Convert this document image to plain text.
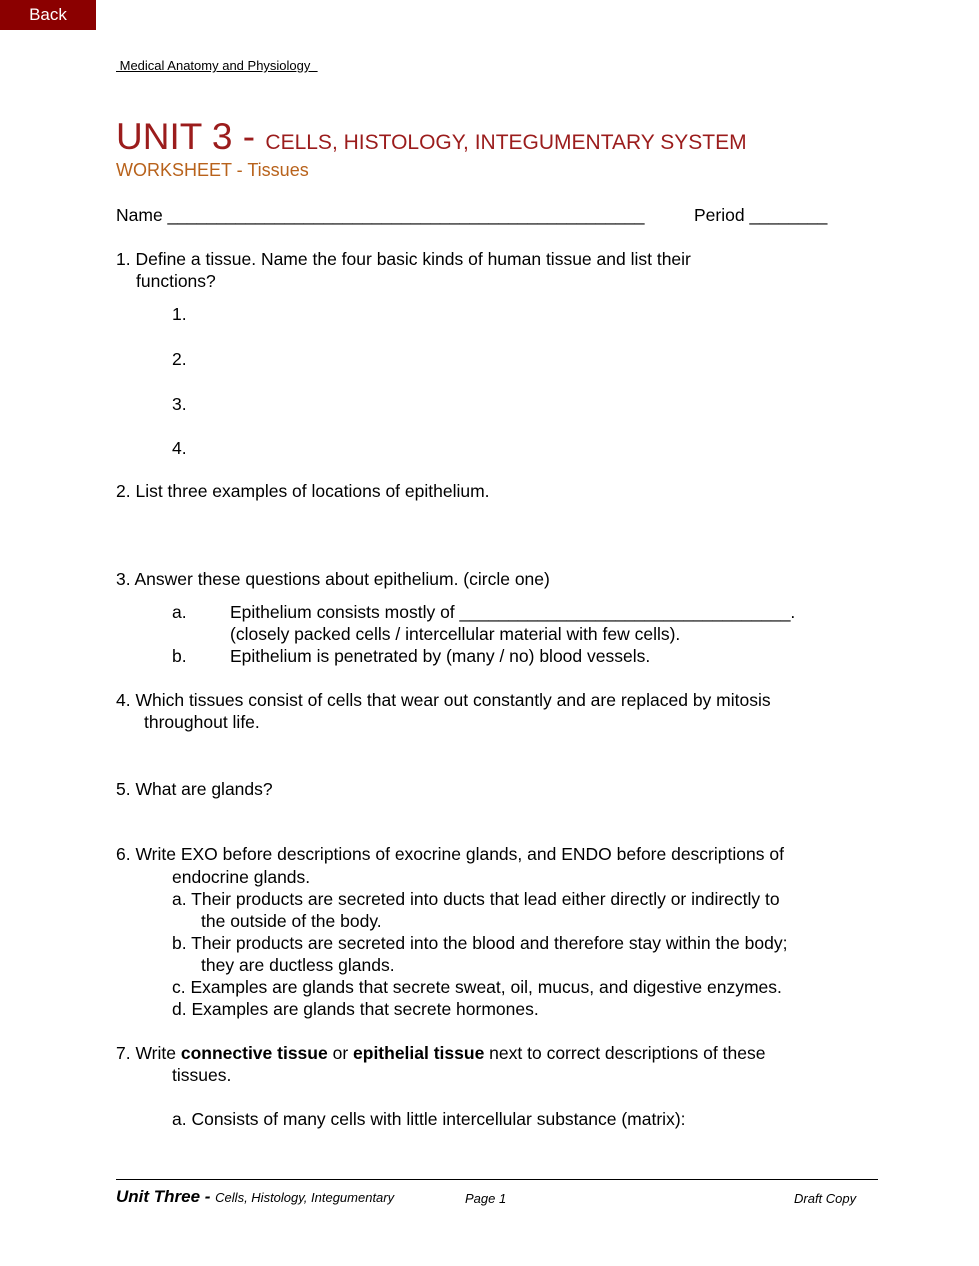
Back
Medical Anatomy and Physiology
UNIT 3 - CELLS, HISTOLOGY, INTEGUMENTARY SYSTEM
WORKSHEET - Tissues
Name _________________________________________________	Period ________
1. Define a tissue. Name the four basic kinds of human tissue and list their
functions?
1.
2.
3.
4.
2. List three examples of locations of epithelium.
3. Answer these questions about epithelium. (circle one)
a. Epithelium consists mostly of __________________________________.
(closely packed cells / intercellular material with few cells).
b. Epithelium is penetrated by (many / no) blood vessels.
4. Which tissues consist of cells that wear out constantly and are replaced by mitosis
throughout life.
5. What are glands?
6. Write EXO before descriptions of exocrine glands, and ENDO before descriptions of
endocrine glands.
a. Their products are secreted into ducts that lead either directly or indirectly to
the outside of the body.
b. Their products are secreted into the blood and therefore stay within the body;
they are ductless glands.
c. Examples are glands that secrete sweat, oil, mucus, and digestive enzymes.
d. Examples are glands that secrete hormones.
7. Write connective tissue or epithelial tissue next to correct descriptions of these
tissues.
a. Consists of many cells with little intercellular substance (matrix):
Unit Three - Cells, Histology, Integumentary	Page 1	Draft Copy
